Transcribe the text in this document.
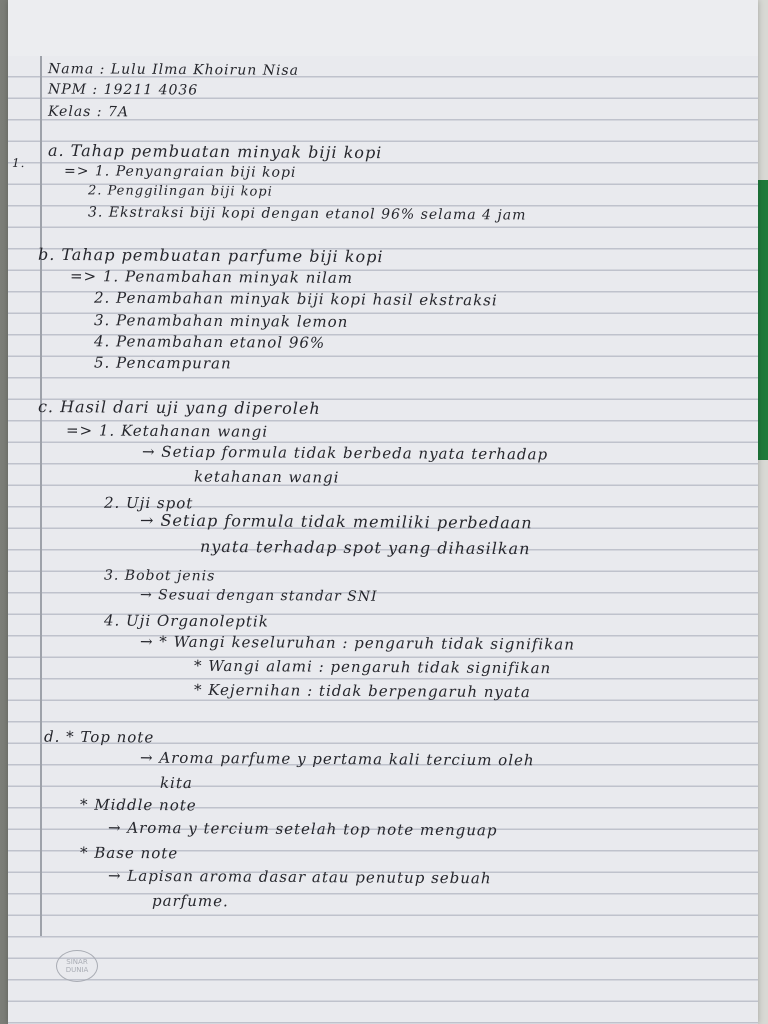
Nama : Lulu Ilma Khoirun Nisa
NPM : 19211 4036
Kelas : 7A
1.
a. Tahap pembuatan minyak biji kopi
=> 1. Penyangraian biji kopi
2. Penggilingan biji kopi
3. Ekstraksi biji kopi dengan etanol 96% selama 4 jam
b. Tahap pembuatan parfume biji kopi
=> 1. Penambahan minyak nilam
2. Penambahan minyak biji kopi hasil ekstraksi
3. Penambahan minyak lemon
4. Penambahan etanol 96%
5. Pencampuran
c. Hasil dari uji yang diperoleh
=> 1. Ketahanan wangi
→ Setiap formula tidak berbeda nyata terhadap
ketahanan wangi
2. Uji spot
→ Setiap formula tidak memiliki perbedaan
nyata terhadap spot yang dihasilkan
3. Bobot jenis
→ Sesuai dengan standar SNI
4. Uji Organoleptik
→ * Wangi keseluruhan : pengaruh tidak signifikan
* Wangi alami : pengaruh tidak signifikan
* Kejernihan : tidak berpengaruh nyata
d. * Top note
→ Aroma parfume y pertama kali tercium oleh
kita
* Middle note
→ Aroma y tercium setelah top note menguap
* Base note
→ Lapisan aroma dasar atau penutup sebuah
parfume.
SINAR DUNIA
